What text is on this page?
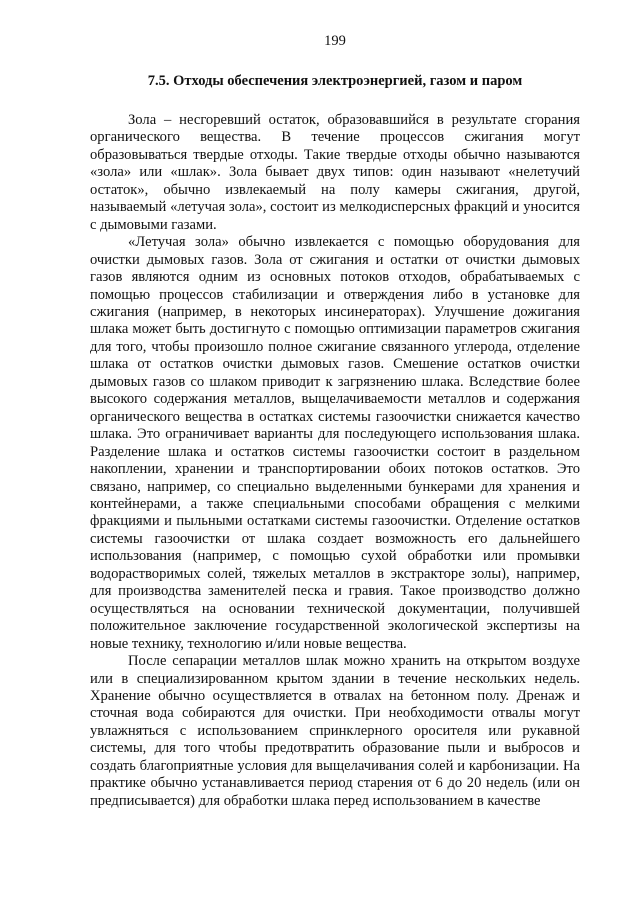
199
7.5. Отходы обеспечения электроэнергией, газом и паром

Зола – несгоревший остаток, образовавшийся в результате сгорания органического вещества. В течение процессов сжигания могут образовываться твердые отходы. Такие твердые отходы обычно называются «зола» или «шлак». Зола бывает двух типов: один называют «нелетучий остаток», обычно извлекаемый на полу камеры сжигания, другой, называемый «летучая зола», состоит из мелкодисперсных фракций и уносится с дымовыми газами.

«Летучая зола» обычно извлекается с помощью оборудования для очистки дымовых газов. Зола от сжигания и остатки от очистки дымовых газов являются одним из основных потоков отходов, обрабатываемых с помощью процессов стабилизации и отверждения либо в установке для сжигания (например, в некоторых инсинераторах). Улучшение дожигания шлака может быть достигнуто с помощью оптимизации параметров сжигания для того, чтобы произошло полное сжигание связанного углерода, отделение шлака от остатков очистки дымовых газов. Смешение остатков очистки дымовых газов со шлаком приводит к загрязнению шлака. Вследствие более высокого содержания металлов, выщелачиваемости металлов и содержания органического вещества в остатках системы газоочистки снижается качество шлака. Это ограничивает варианты для последующего использования шлака. Разделение шлака и остатков системы газоочистки состоит в раздельном накоплении, хранении и транспортировании обоих потоков остатков. Это связано, например, со специально выделенными бункерами для хранения и контейнерами, а также специальными способами обращения с мелкими фракциями и пыльными остатками системы газоочистки. Отделение остатков системы газоочистки от шлака создает возможность его дальнейшего использования (например, с помощью сухой обработки или промывки водорастворимых солей, тяжелых металлов в экстракторе золы), например, для производства заменителей песка и гравия. Такое производство должно осуществляться на основании технической документации, получившей положительное заключение государственной экологической экспертизы на новые технику, технологию и/или новые вещества.

После сепарации металлов шлак можно хранить на открытом воздухе или в специализированном крытом здании в течение нескольких недель. Хранение обычно осуществляется в отвалах на бетонном полу. Дренаж и сточная вода собираются для очистки. При необходимости отвалы могут увлажняться с использованием спринклерного оросителя или рукавной системы, для того чтобы предотвратить образование пыли и выбросов и создать благоприятные условия для выщелачивания солей и карбонизации. На практике обычно устанавливается период старения от 6 до 20 недель (или он предписывается) для обработки шлака перед использованием в качестве
